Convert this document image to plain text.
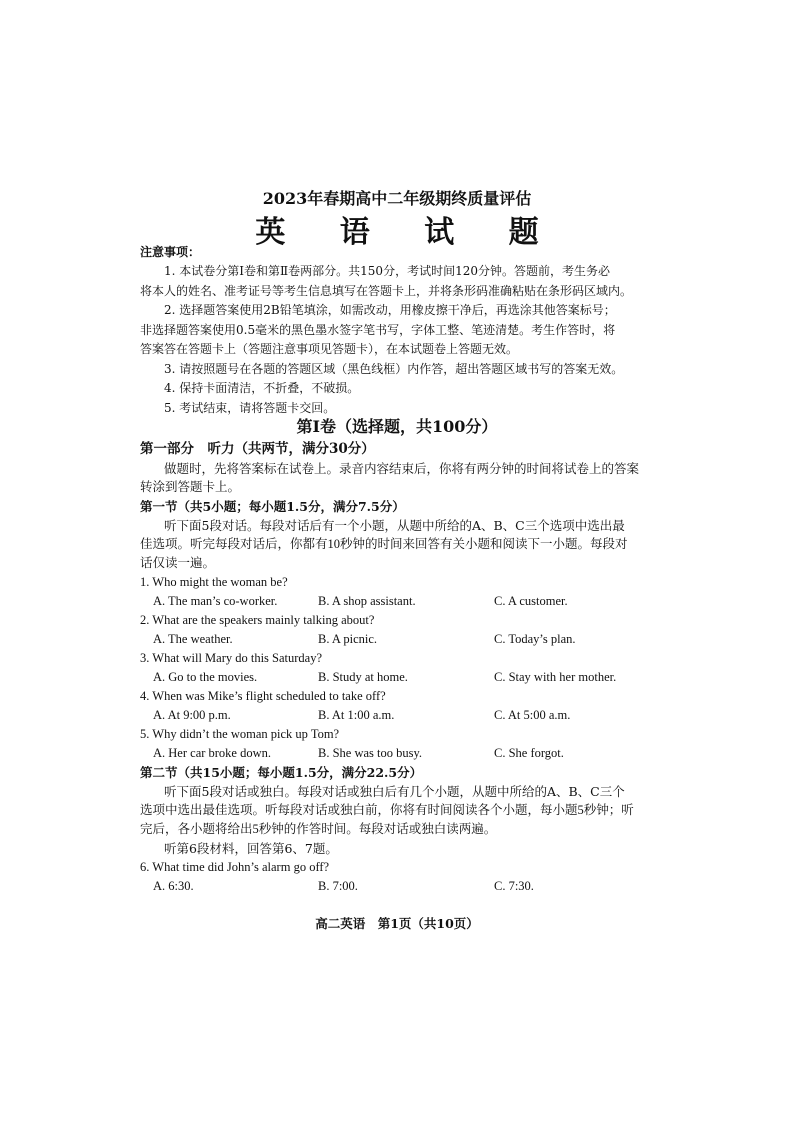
2023年春期高中二年级期终质量评估
英 语 试 题
注意事项：

1. 本试卷分第Ⅰ卷和第Ⅱ卷两部分。共150分，考试时间120分钟。答题前，考生务必

将本人的姓名、准考证号等考生信息填写在答题卡上，并将条形码准确粘贴在条形码区域内。

2. 选择题答案使用2B铅笔填涂，如需改动，用橡皮擦干净后，再选涂其他答案标号；

非选择题答案使用0.5毫米的黑色墨水签字笔书写，字体工整、笔迹清楚。考生作答时，将

答案答在答题卡上（答题注意事项见答题卡），在本试题卷上答题无效。

3. 请按照题号在各题的答题区域（黑色线框）内作答，超出答题区域书写的答案无效。

4. 保持卡面清洁，不折叠，不破损。

5. 考试结束，请将答题卡交回。

第Ⅰ卷（选择题，共100分）
第一部分　听力（共两节，满分30分）

做题时，先将答案标在试卷上。录音内容结束后，你将有两分钟的时间将试卷上的答案

转涂到答题卡上。

第一节（共5小题；每小题1.5分，满分7.5分）

听下面5段对话。每段对话后有一个小题，从题中所给的A、B、C三个选项中选出最

佳选项。听完每段对话后，你都有10秒钟的时间来回答有关小题和阅读下一小题。每段对

话仅读一遍。

1. Who might the woman be?

A. The man’s co-worker.	B. A shop assistant.	C. A customer.

2. What are the speakers mainly talking about?

A. The weather.	B. A picnic.	C. Today’s plan.

3. What will Mary do this Saturday?

A. Go to the movies.	B. Study at home.	C. Stay with her mother.

4. When was Mike’s flight scheduled to take off?

A. At 9:00 p.m.	B. At 1:00 a.m.	C. At 5:00 a.m.

5. Why didn’t the woman pick up Tom?

A. Her car broke down.	B. She was too busy.	C. She forgot.
第二节（共15小题；每小题1.5分，满分22.5分）

听下面5段对话或独白。每段对话或独白后有几个小题，从题中所给的A、B、C三个

选项中选出最佳选项。听每段对话或独白前，你将有时间阅读各个小题，每小题5秒钟；听

完后，各小题将给出5秒钟的作答时间。每段对话或独白读两遍。

听第6段材料，回答第6、7题。

6. What time did John’s alarm go off?

A. 6:30.	B. 7:00.	C. 7:30.
高二英语　第1页（共10页）
